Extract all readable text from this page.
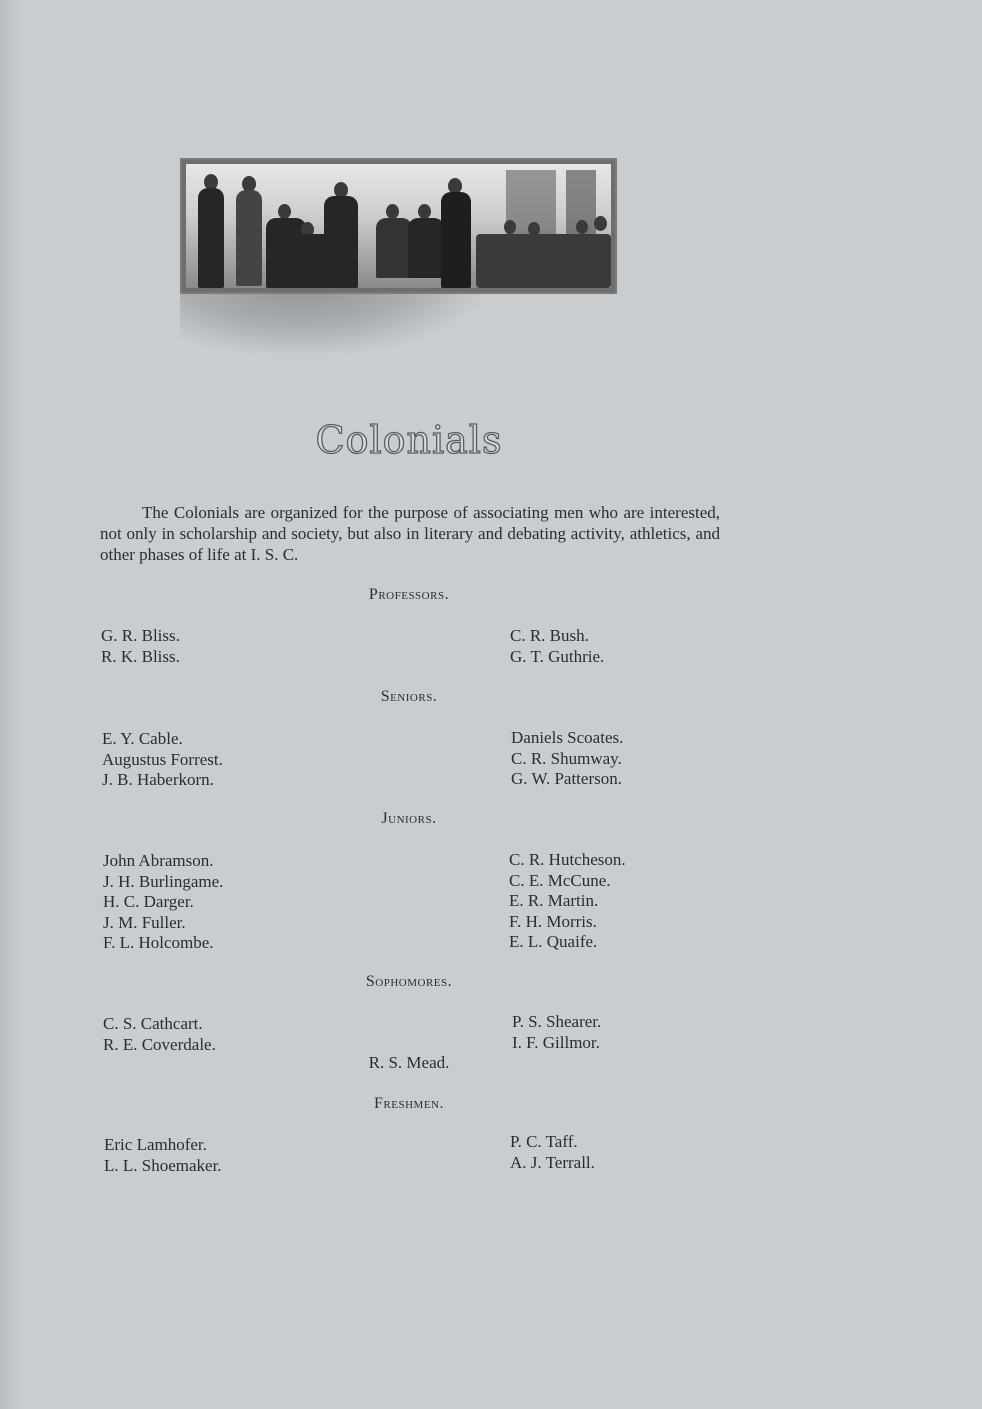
Colonials

The Colonials are organized for the purpose of associating men who are interested, not only in scholarship and society, but also in literary and debating activity, athletics, and other phases of life at I. S. C.

Professors.
G. R. Bliss.
R. K. Bliss.
C. R. Bush.
G. T. Guthrie.
Seniors.
E. Y. Cable.
Augustus Forrest.
J. B. Haberkorn.
Daniels Scoates.
C. R. Shumway.
G. W. Patterson.
Juniors.
John Abramson.
J. H. Burlingame.
H. C. Darger.
J. M. Fuller.
F. L. Holcombe.
C. R. Hutcheson.
C. E. McCune.
E. R. Martin.
F. H. Morris.
E. L. Quaife.
Sophomores.
C. S. Cathcart.
R. E. Coverdale.
P. S. Shearer.
I. F. Gillmor.
R. S. Mead.
Freshmen.
Eric Lamhofer.
L. L. Shoemaker.
P. C. Taff.
A. J. Terrall.
